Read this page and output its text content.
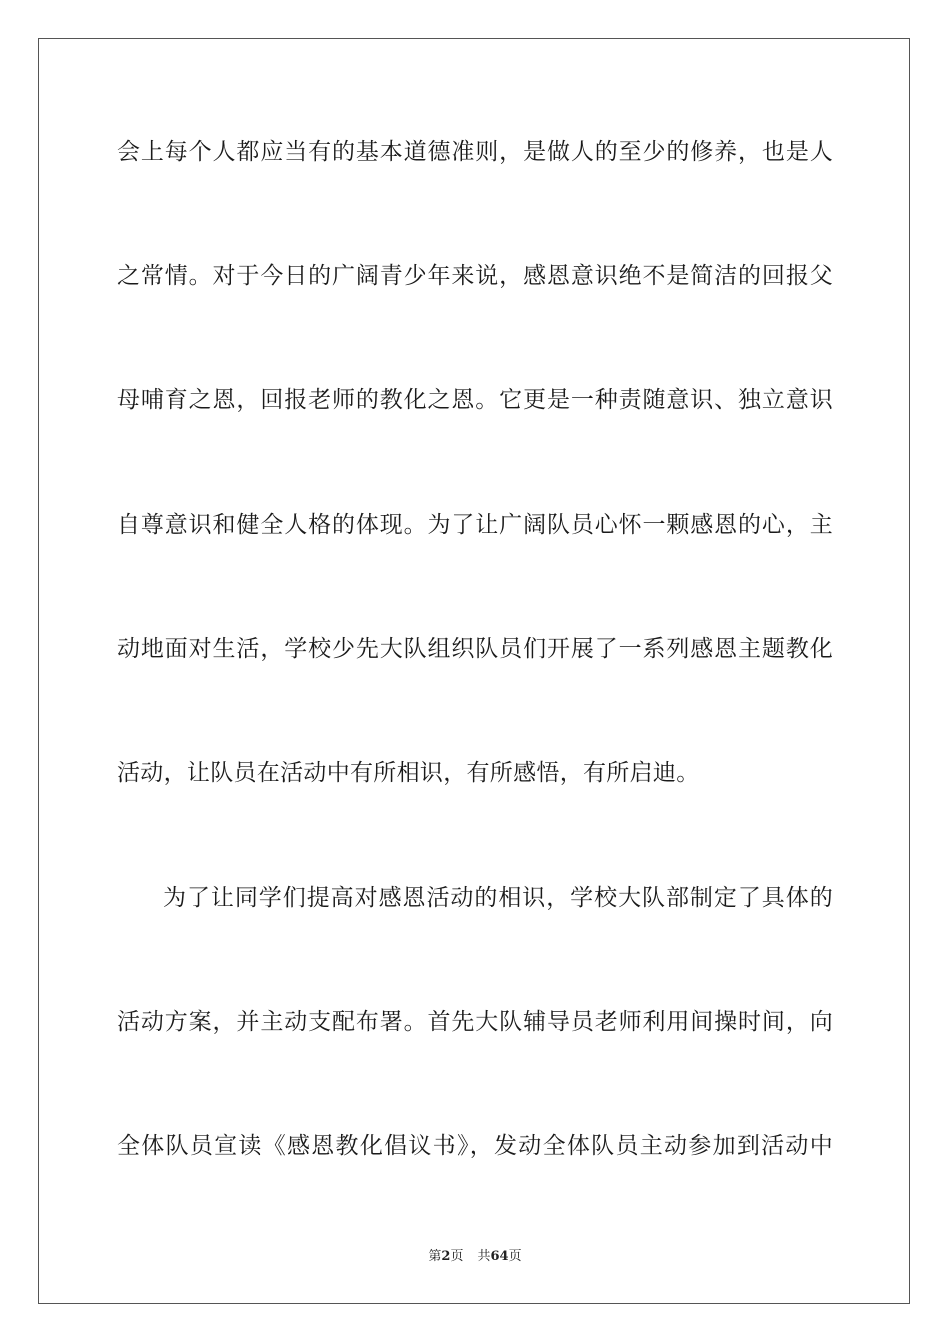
会上每个人都应当有的基本道德准则，是做人的至少的修养，也是人
之常情。对于今日的广阔青少年来说，感恩意识绝不是简洁的回报父
母哺育之恩，回报老师的教化之恩。它更是一种责随意识、独立意识
自尊意识和健全人格的体现。为了让广阔队员心怀一颗感恩的心，主
动地面对生活，学校少先大队组织队员们开展了一系列感恩主题教化
活动，让队员在活动中有所相识，有所感悟，有所启迪。
为了让同学们提高对感恩活动的相识，学校大队部制定了具体的
活动方案，并主动支配布署。首先大队辅导员老师利用间操时间，向
全体队员宣读《感恩教化倡议书》，发动全体队员主动参加到活动中
第2页 共64页
